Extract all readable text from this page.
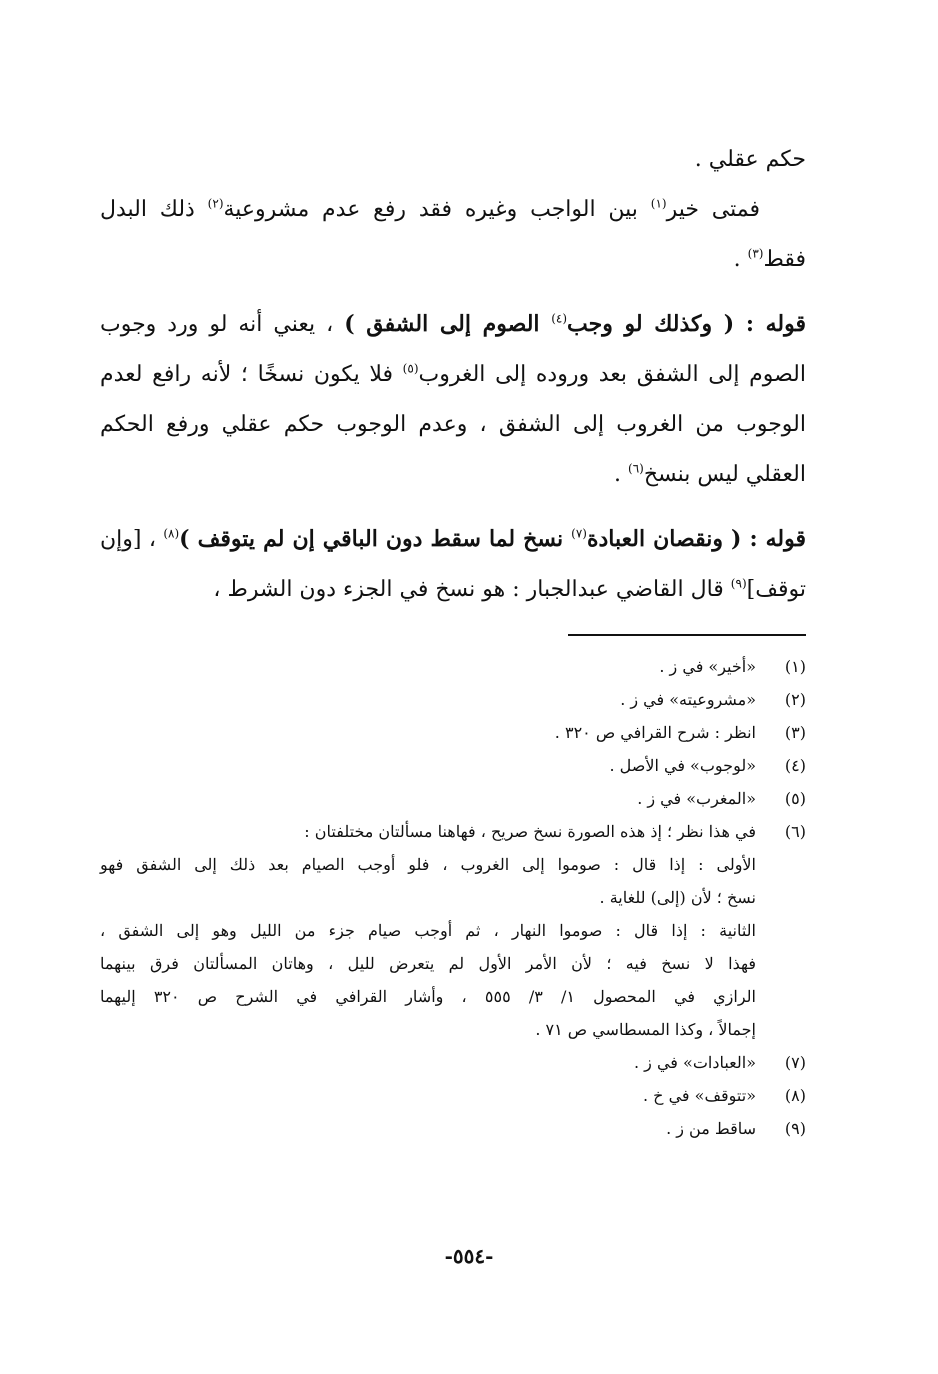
حكم عقلي .

فمتى خير$^{(١)}$ بين الواجب وغيره فقد رفع عدم مشروعية$^{(٢)}$ ذلك البدل فقط$^{(٣)}$ .

قوله : ( وكذلك لو وجب$^{(٤)}$ الصوم إلى الشفق ) ، يعني أنه لو ورد وجوب الصوم إلى الشفق بعد وروده إلى الغروب$^{(٥)}$ فلا يكون نسخًا ؛ لأنه رافع لعدم الوجوب من الغروب إلى الشفق ، وعدم الوجوب حكم عقلي ورفع الحكم العقلي ليس بنسخ$^{(٦)}$ .

قوله : ( ونقصان العبادة$^{(٧)}$ نسخ لما سقط دون الباقي إن لم يتوقف )$^{(٨)}$ ، [وإن توقف]$^{(٩)}$ قال القاضي عبدالجبار : هو نسخ في الجزء دون الشرط ،

(١)
«أخير» في ز .
(٢)
«مشروعيته» في ز .
(٣)
انظر : شرح القرافي ص ٣٢٠ .
(٤)
«لوجوب» في الأصل .
(٥)
«المغرب» في ز .
(٦)
في هذا نظر ؛ إذ هذه الصورة نسخ صريح ، فهاهنا مسألتان مختلفتان :
الأولى : إذا قال : صوموا إلى الغروب ، فلو أوجب الصيام بعد ذلك إلى الشفق فهو
نسخ ؛ لأن (إلى) للغاية .
الثانية : إذا قال : صوموا النهار ، ثم أوجب صيام جزء من الليل وهو إلى الشفق ،
فهذا لا نسخ فيه ؛ لأن الأمر الأول لم يتعرض لليل ، وهاتان المسألتان فرق بينهما
الرازي في المحصول ١/ ٣/ ٥٥٥ ، وأشار القرافي في الشرح ص ٣٢٠ إليهما
إجمالاً ، وكذا المسطاسي ص ٧١ .
(٧)
«العبادات» في ز .
(٨)
«تتوقف» في خ .
(٩)
ساقط من ز .
-٥٥٤-
